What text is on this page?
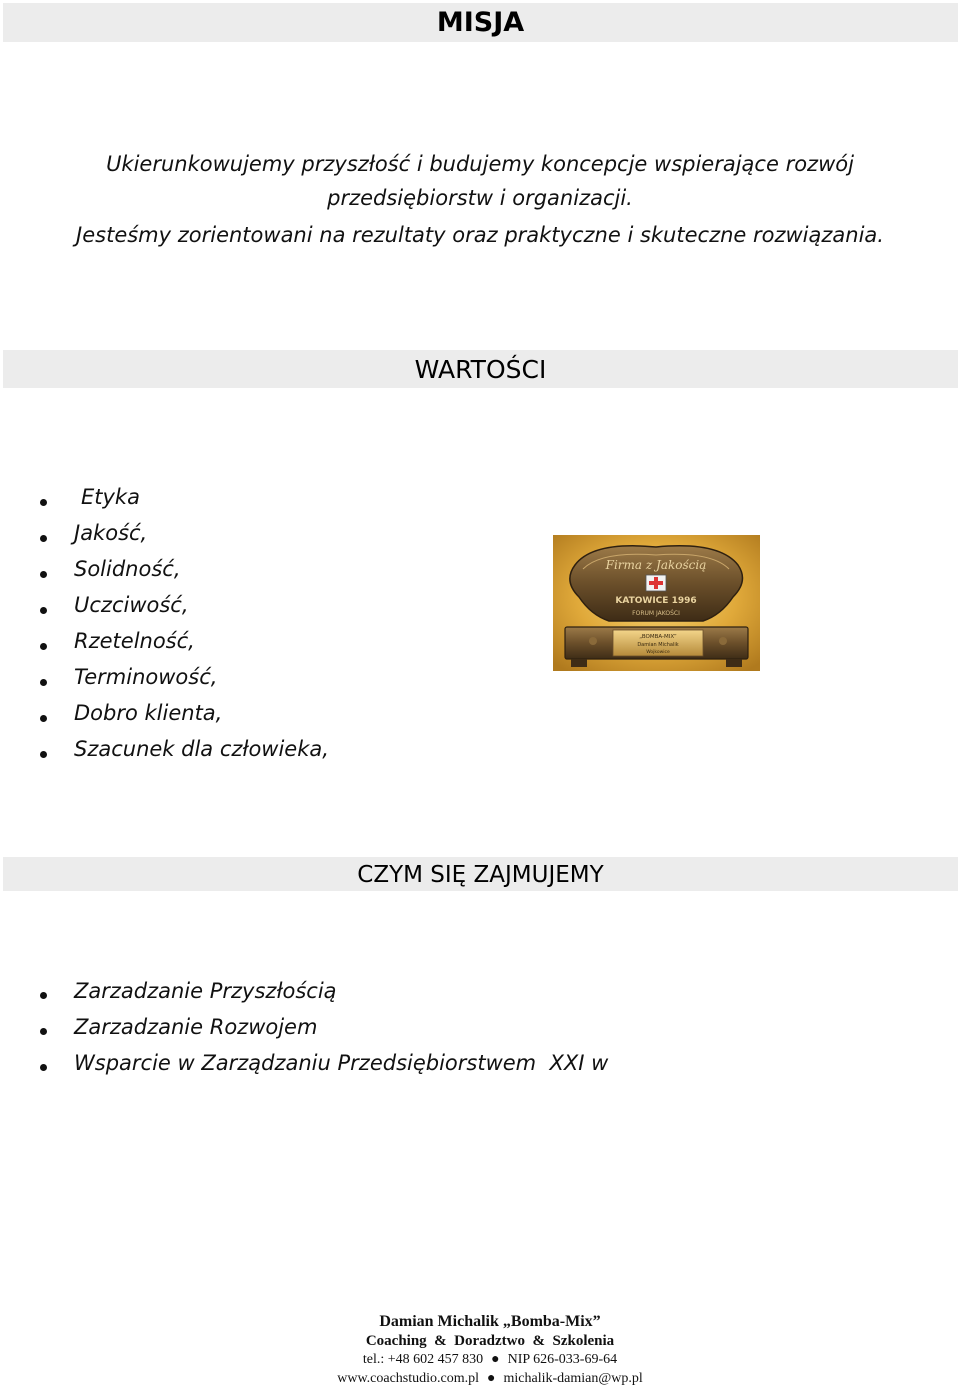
MISJA
Ukierunkowujemy przyszłość i budujemy koncepcje wspierające rozwój
przedsiębiorstw i organizacji.
Jesteśmy zorientowani na rezultaty oraz praktyczne i skuteczne rozwiązania.
WARTOŚCI
Etyka
Jakość,
Solidność,
Uczciwość,
Rzetelność,
Terminowość,
Dobro klienta,
Szacunek dla człowieka,
Firma z Jakością
KATOWICE 1996
FORUM JAKOŚCI
„BOMBA-MIX”
Damian Michalik
Wojkowice
CZYM SIĘ ZAJMUJEMY
Zarzadzanie Przyszłością
Zarzadzanie Rozwojem
Wsparcie w Zarządzaniu Przedsiębiorstwem  XXI w
Damian Michalik „Bomba-Mix”
Coaching  &  Doradztwo  &  Szkolenia
tel.: +48 602 457 830 ● NIP 626-033-69-64
www.coachstudio.com.pl ● michalik-damian@wp.pl
